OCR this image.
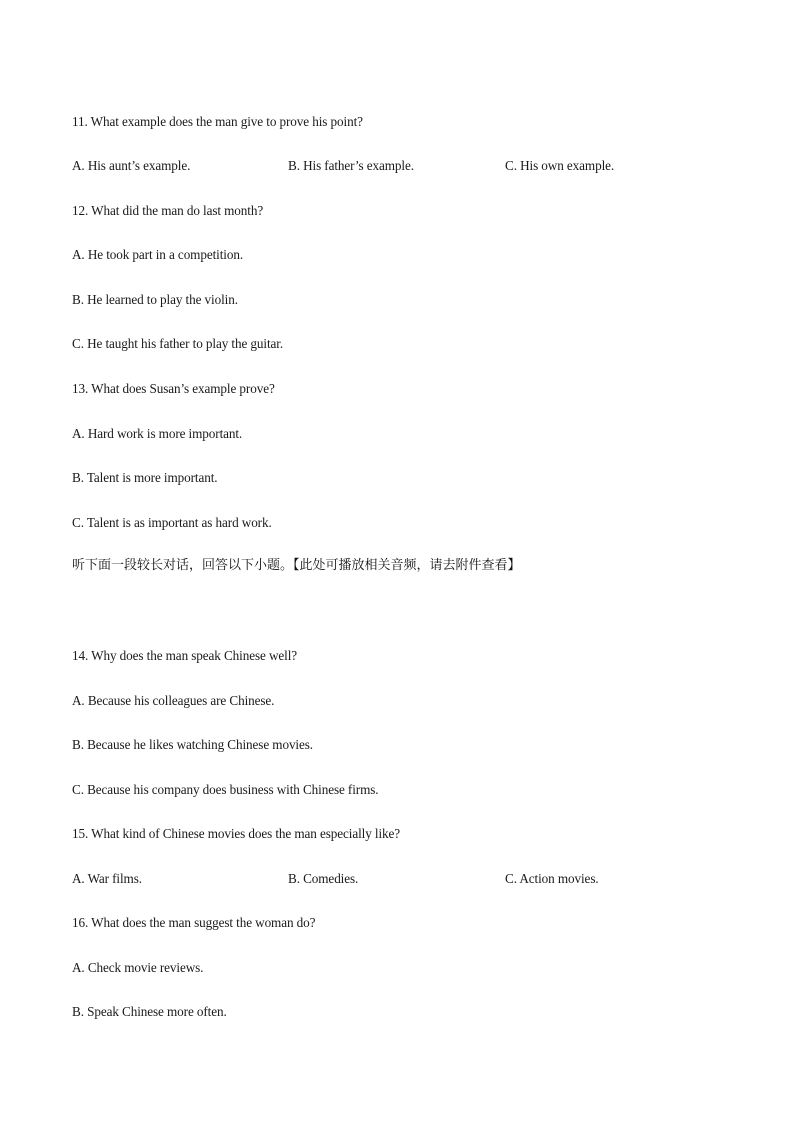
11. What example does the man give to prove his point?
A. His aunt’s example.	B. His father’s example.	C. His own example.
12. What did the man do last month?
A. He took part in a competition.
B. He learned to play the violin.
C. He taught his father to play the guitar.
13. What does Susan’s example prove?
A. Hard work is more important.
B. Talent is more important.
C. Talent is as important as hard work.
听下面一段较长对话，回答以下小题。【此处可播放相关音频，请去附件查看】
14. Why does the man speak Chinese well?
A. Because his colleagues are Chinese.
B. Because he likes watching Chinese movies.
C. Because his company does business with Chinese firms.
15. What kind of Chinese movies does the man especially like?
A. War films.	B. Comedies.	C. Action movies.
16. What does the man suggest the woman do?
A. Check movie reviews.
B. Speak Chinese more often.
